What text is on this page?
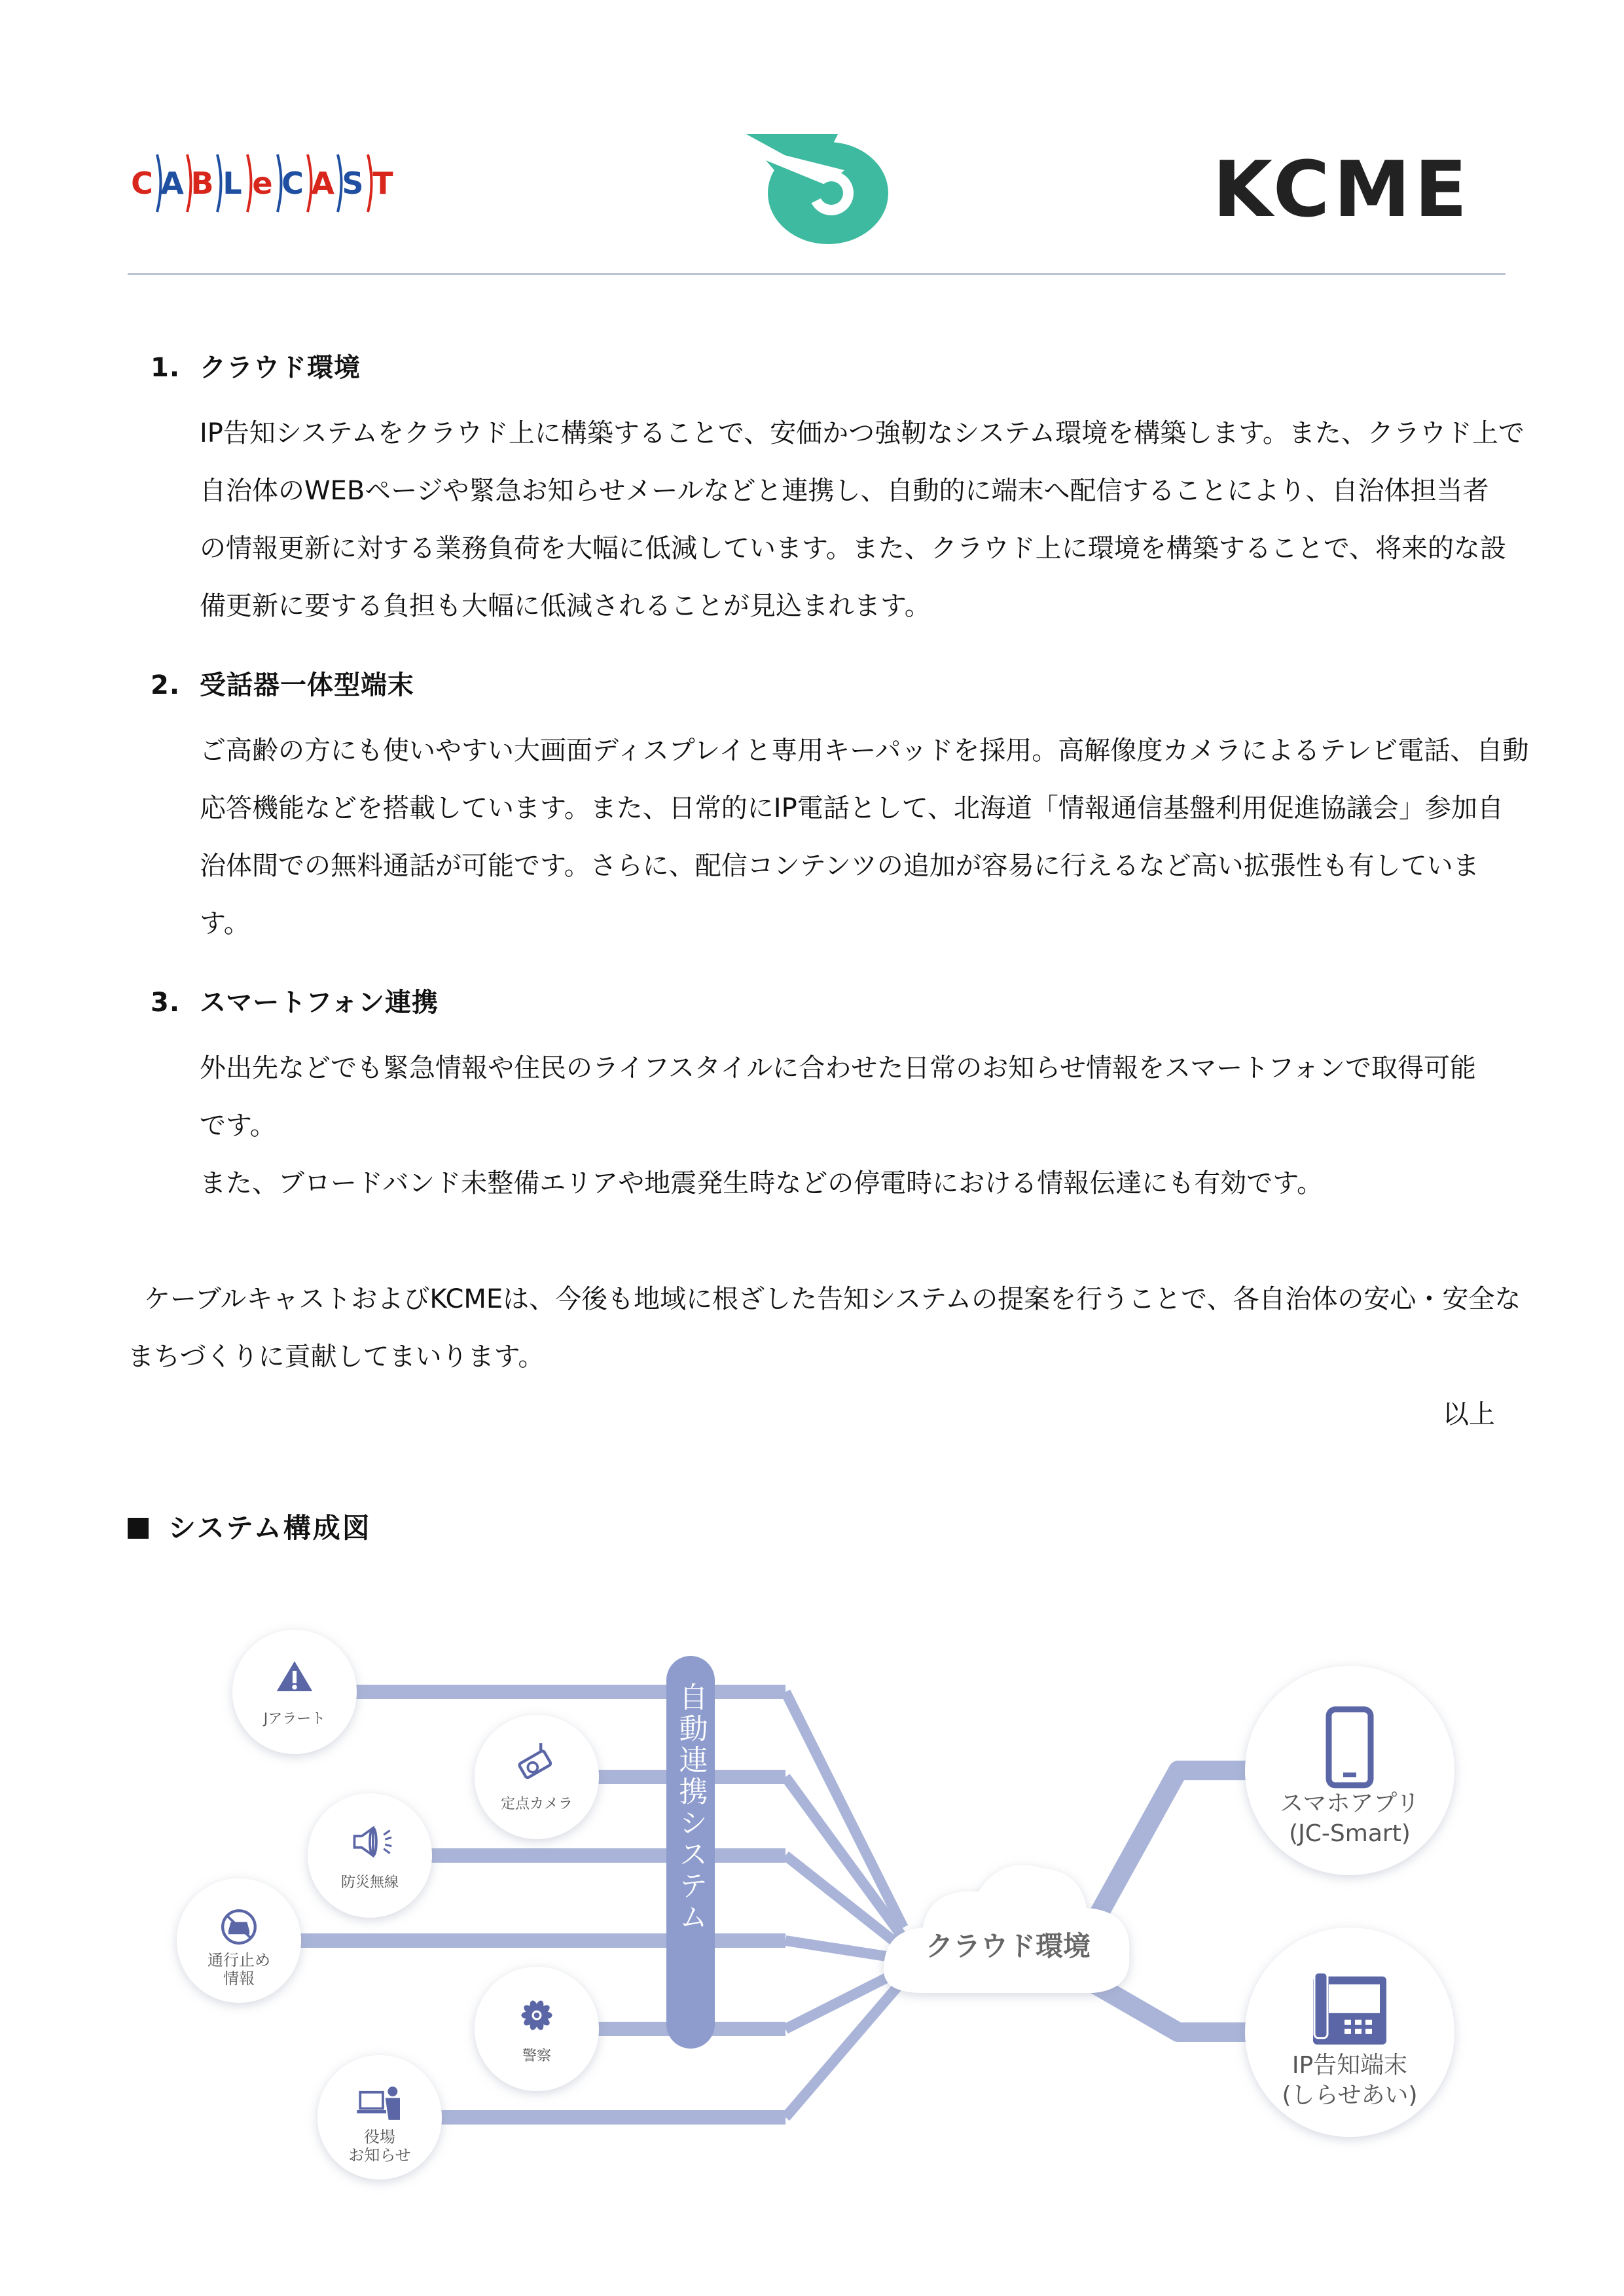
C A B L e C A S T	KCME
1. クラウド環境
IP告知システムをクラウド上に構築することで、安価かつ強靭なシステム環境を構築します。また、クラウド上で
自治体のWEBページや緊急お知らせメールなどと連携し、自動的に端末へ配信することにより、自治体担当者
の情報更新に対する業務負荷を大幅に低減しています。また、クラウド上に環境を構築することで、将来的な設
備更新に要する負担も大幅に低減されることが見込まれます。
2. 受話器一体型端末
ご高齢の方にも使いやすい大画面ディスプレイと専用キーパッドを採用。高解像度カメラによるテレビ電話、自動
応答機能などを搭載しています。また、日常的にIP電話として、北海道「情報通信基盤利用促進協議会」参加自
治体間での無料通話が可能です。さらに、配信コンテンツの追加が容易に行えるなど高い拡張性も有していま
す。
3. スマートフォン連携
外出先などでも緊急情報や住民のライフスタイルに合わせた日常のお知らせ情報をスマートフォンで取得可能
です。
また、ブロードバンド未整備エリアや地震発生時などの停電時における情報伝達にも有効です。
ケーブルキャストおよびKCMEは、今後も地域に根ざした告知システムの提案を行うことで、各自治体の安心・安全な
まちづくりに貢献してまいります。
以上
システム構成図
自動連携システム
クラウド環境
Jアラート
定点カメラ
防災無線
通行止め
情報
警察
役場
お知らせ
スマホアプリ
(JC-Smart)
IP告知端末
(しらせあい)
